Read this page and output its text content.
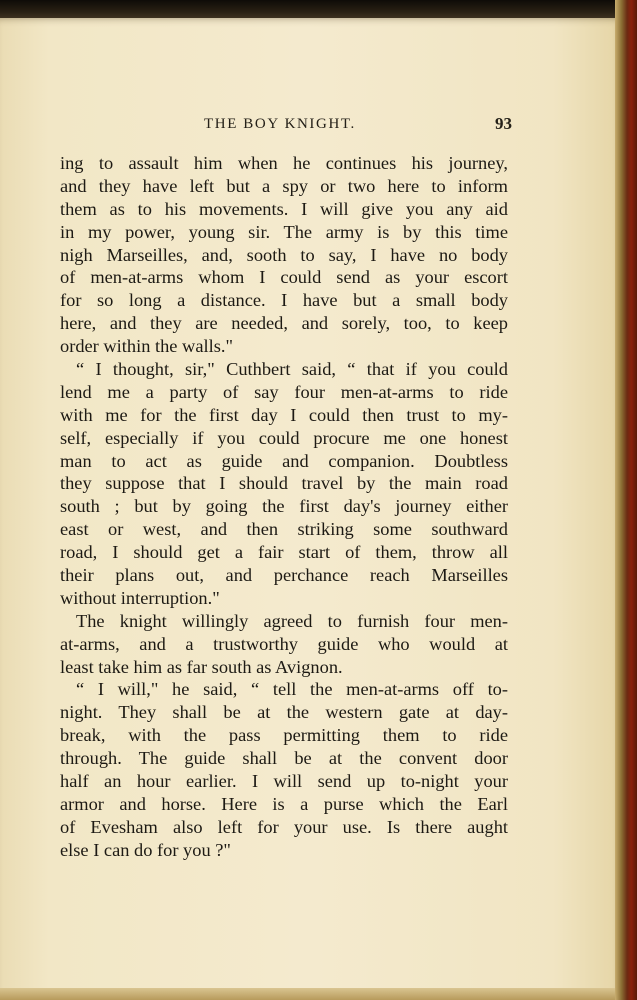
THE BOY KNIGHT.	93
ing to assault him when he continues his journey,
and they have left but a spy or two here to inform
them as to his movements. I will give you any aid
in my power, young sir. The army is by this time
nigh Marseilles, and, sooth to say, I have no body
of men-at-arms whom I could send as your escort
for so long a distance. I have but a small body
here, and they are needed, and sorely, too, to keep
order within the walls."
“ I thought, sir," Cuthbert said, “ that if you could
lend me a party of say four men-at-arms to ride
with me for the first day I could then trust to my-
self, especially if you could procure me one honest
man to act as guide and companion. Doubtless
they suppose that I should travel by the main road
south ; but by going the first day's journey either
east or west, and then striking some southward
road, I should get a fair start of them, throw all
their plans out, and perchance reach Marseilles
without interruption."
The knight willingly agreed to furnish four men-
at-arms, and a trustworthy guide who would at
least take him as far south as Avignon.
“ I will," he said, “ tell the men-at-arms off to-
night. They shall be at the western gate at day-
break, with the pass permitting them to ride
through. The guide shall be at the convent door
half an hour earlier. I will send up to-night your
armor and horse. Here is a purse which the Earl
of Evesham also left for your use. Is there aught
else I can do for you ?"
